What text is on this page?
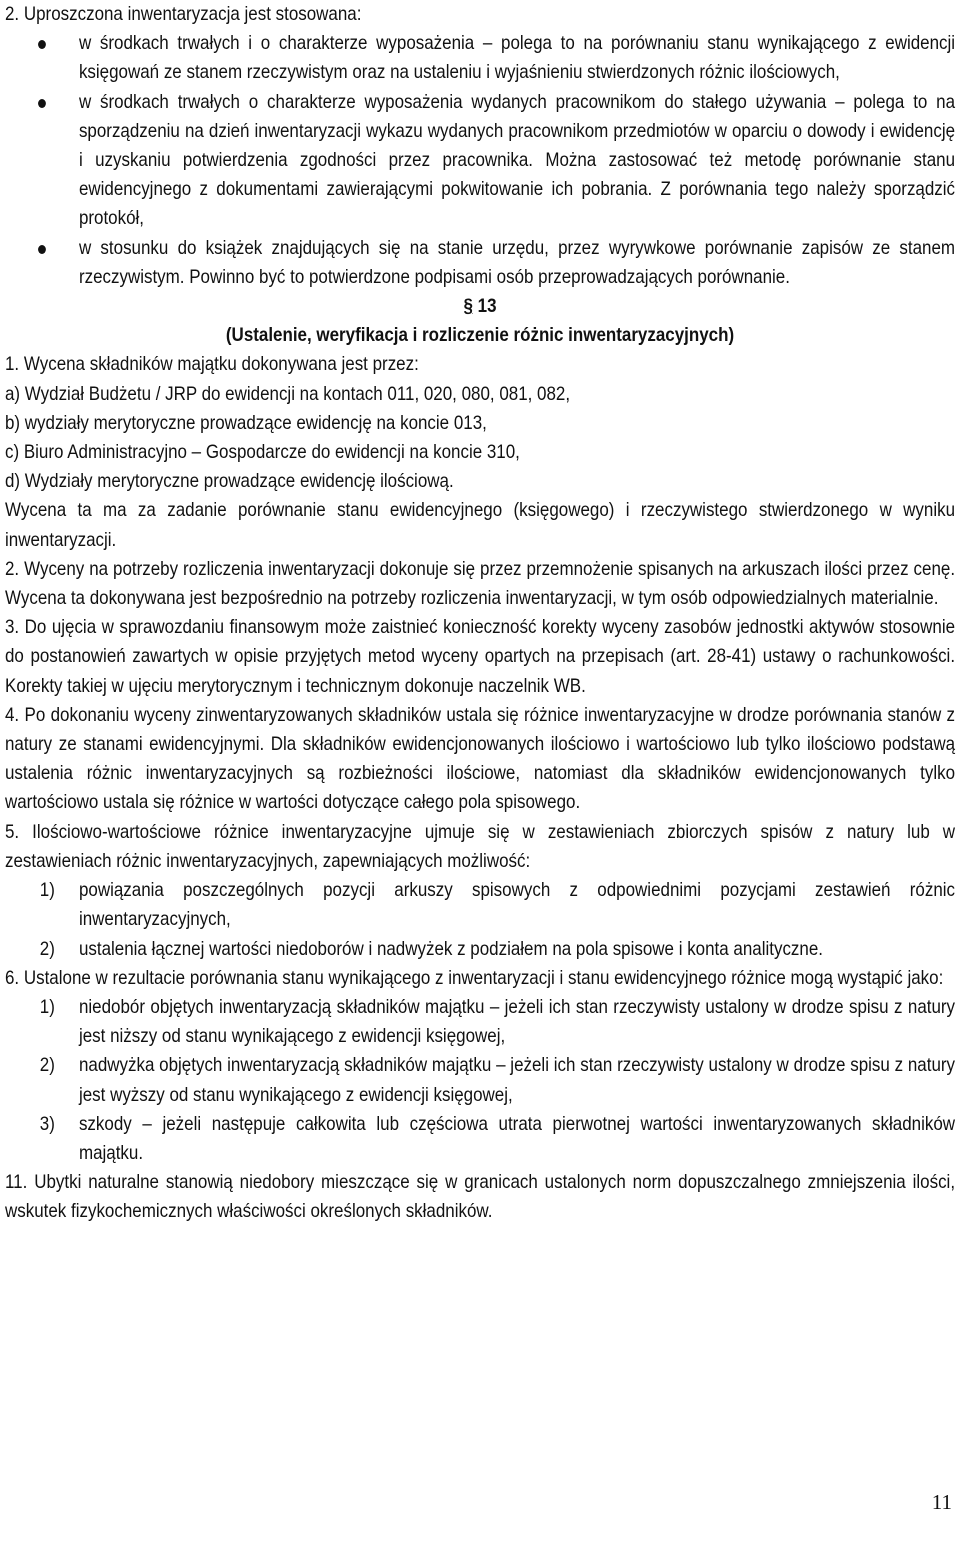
2. Uproszczona inwentaryzacja jest stosowana:

w środkach trwałych i o charakterze wyposażenia – polega to na porównaniu stanu wynikającego z ewidencji księgowań ze stanem rzeczywistym oraz na ustaleniu i wyjaśnieniu stwierdzonych różnic ilościowych,
w środkach trwałych o charakterze wyposażenia wydanych pracownikom do stałego używania – polega to na sporządzeniu na dzień inwentaryzacji wykazu wydanych pracownikom przedmiotów w oparciu o dowody i ewidencję i uzyskaniu potwierdzenia zgodności przez pracownika. Można zastosować też metodę porównanie stanu ewidencyjnego z dokumentami zawierającymi pokwitowanie ich pobrania. Z porównania tego należy sporządzić protokół,
w stosunku do książek znajdujących się na stanie urzędu, przez wyrywkowe porównanie zapisów ze stanem rzeczywistym. Powinno być to potwierdzone podpisami osób przeprowadzających porównanie.

§ 13

(Ustalenie, weryfikacja i rozliczenie różnic inwentaryzacyjnych)

1. Wycena składników majątku dokonywana jest przez:

a) Wydział Budżetu / JRP do ewidencji na kontach 011, 020, 080, 081, 082,

b) wydziały merytoryczne prowadzące ewidencję na koncie 013,

c) Biuro Administracyjno – Gospodarcze do ewidencji na koncie 310,

d) Wydziały merytoryczne prowadzące ewidencję ilościową.

Wycena ta ma za zadanie porównanie stanu ewidencyjnego (księgowego) i rzeczywistego stwierdzonego w wyniku inwentaryzacji.

2. Wyceny na potrzeby rozliczenia inwentaryzacji dokonuje się przez przemnożenie spisanych na arkuszach ilości przez cenę. Wycena ta dokonywana jest bezpośrednio na potrzeby rozliczenia inwentaryzacji, w tym osób odpowiedzialnych materialnie.

3. Do ujęcia w sprawozdaniu finansowym może zaistnieć konieczność korekty wyceny zasobów jednostki aktywów stosownie do postanowień zawartych w opisie przyjętych metod wyceny opartych na przepisach (art. 28-41) ustawy o rachunkowości. Korekty takiej w ujęciu merytorycznym i technicznym dokonuje naczelnik WB.

4. Po dokonaniu wyceny zinwentaryzowanych składników ustala się różnice inwentaryzacyjne w drodze porównania stanów z natury ze stanami ewidencyjnymi. Dla składników ewidencjonowanych ilościowo i wartościowo lub tylko ilościowo podstawą ustalenia różnic inwentaryzacyjnych są rozbieżności ilościowe, natomiast dla składników ewidencjonowanych tylko wartościowo ustala się różnice w wartości dotyczące całego pola spisowego.

5. Ilościowo-wartościowe różnice inwentaryzacyjne ujmuje się w zestawieniach zbiorczych spisów z natury lub w zestawieniach różnic inwentaryzacyjnych, zapewniających możliwość:

1) powiązania poszczególnych pozycji arkuszy spisowych z odpowiednimi pozycjami zestawień różnic inwentaryzacyjnych,
2) ustalenia łącznej wartości niedoborów i nadwyżek z podziałem na pola spisowe i konta analityczne.

6. Ustalone w rezultacie porównania stanu wynikającego z inwentaryzacji i stanu ewidencyjnego różnice mogą wystąpić jako:

1) niedobór objętych inwentaryzacją składników majątku – jeżeli ich stan rzeczywisty ustalony w drodze spisu z natury jest niższy od stanu wynikającego z ewidencji księgowej,
2) nadwyżka objętych inwentaryzacją składników majątku – jeżeli ich stan rzeczywisty ustalony w drodze spisu z natury jest wyższy od stanu wynikającego z ewidencji księgowej,
3) szkody – jeżeli następuje całkowita lub częściowa utrata pierwotnej wartości inwentaryzowanych składników majątku.

11. Ubytki naturalne stanowią niedobory mieszczące się w granicach ustalonych norm dopuszczalnego zmniejszenia ilości, wskutek fizykochemicznych właściwości określonych składników.

11
